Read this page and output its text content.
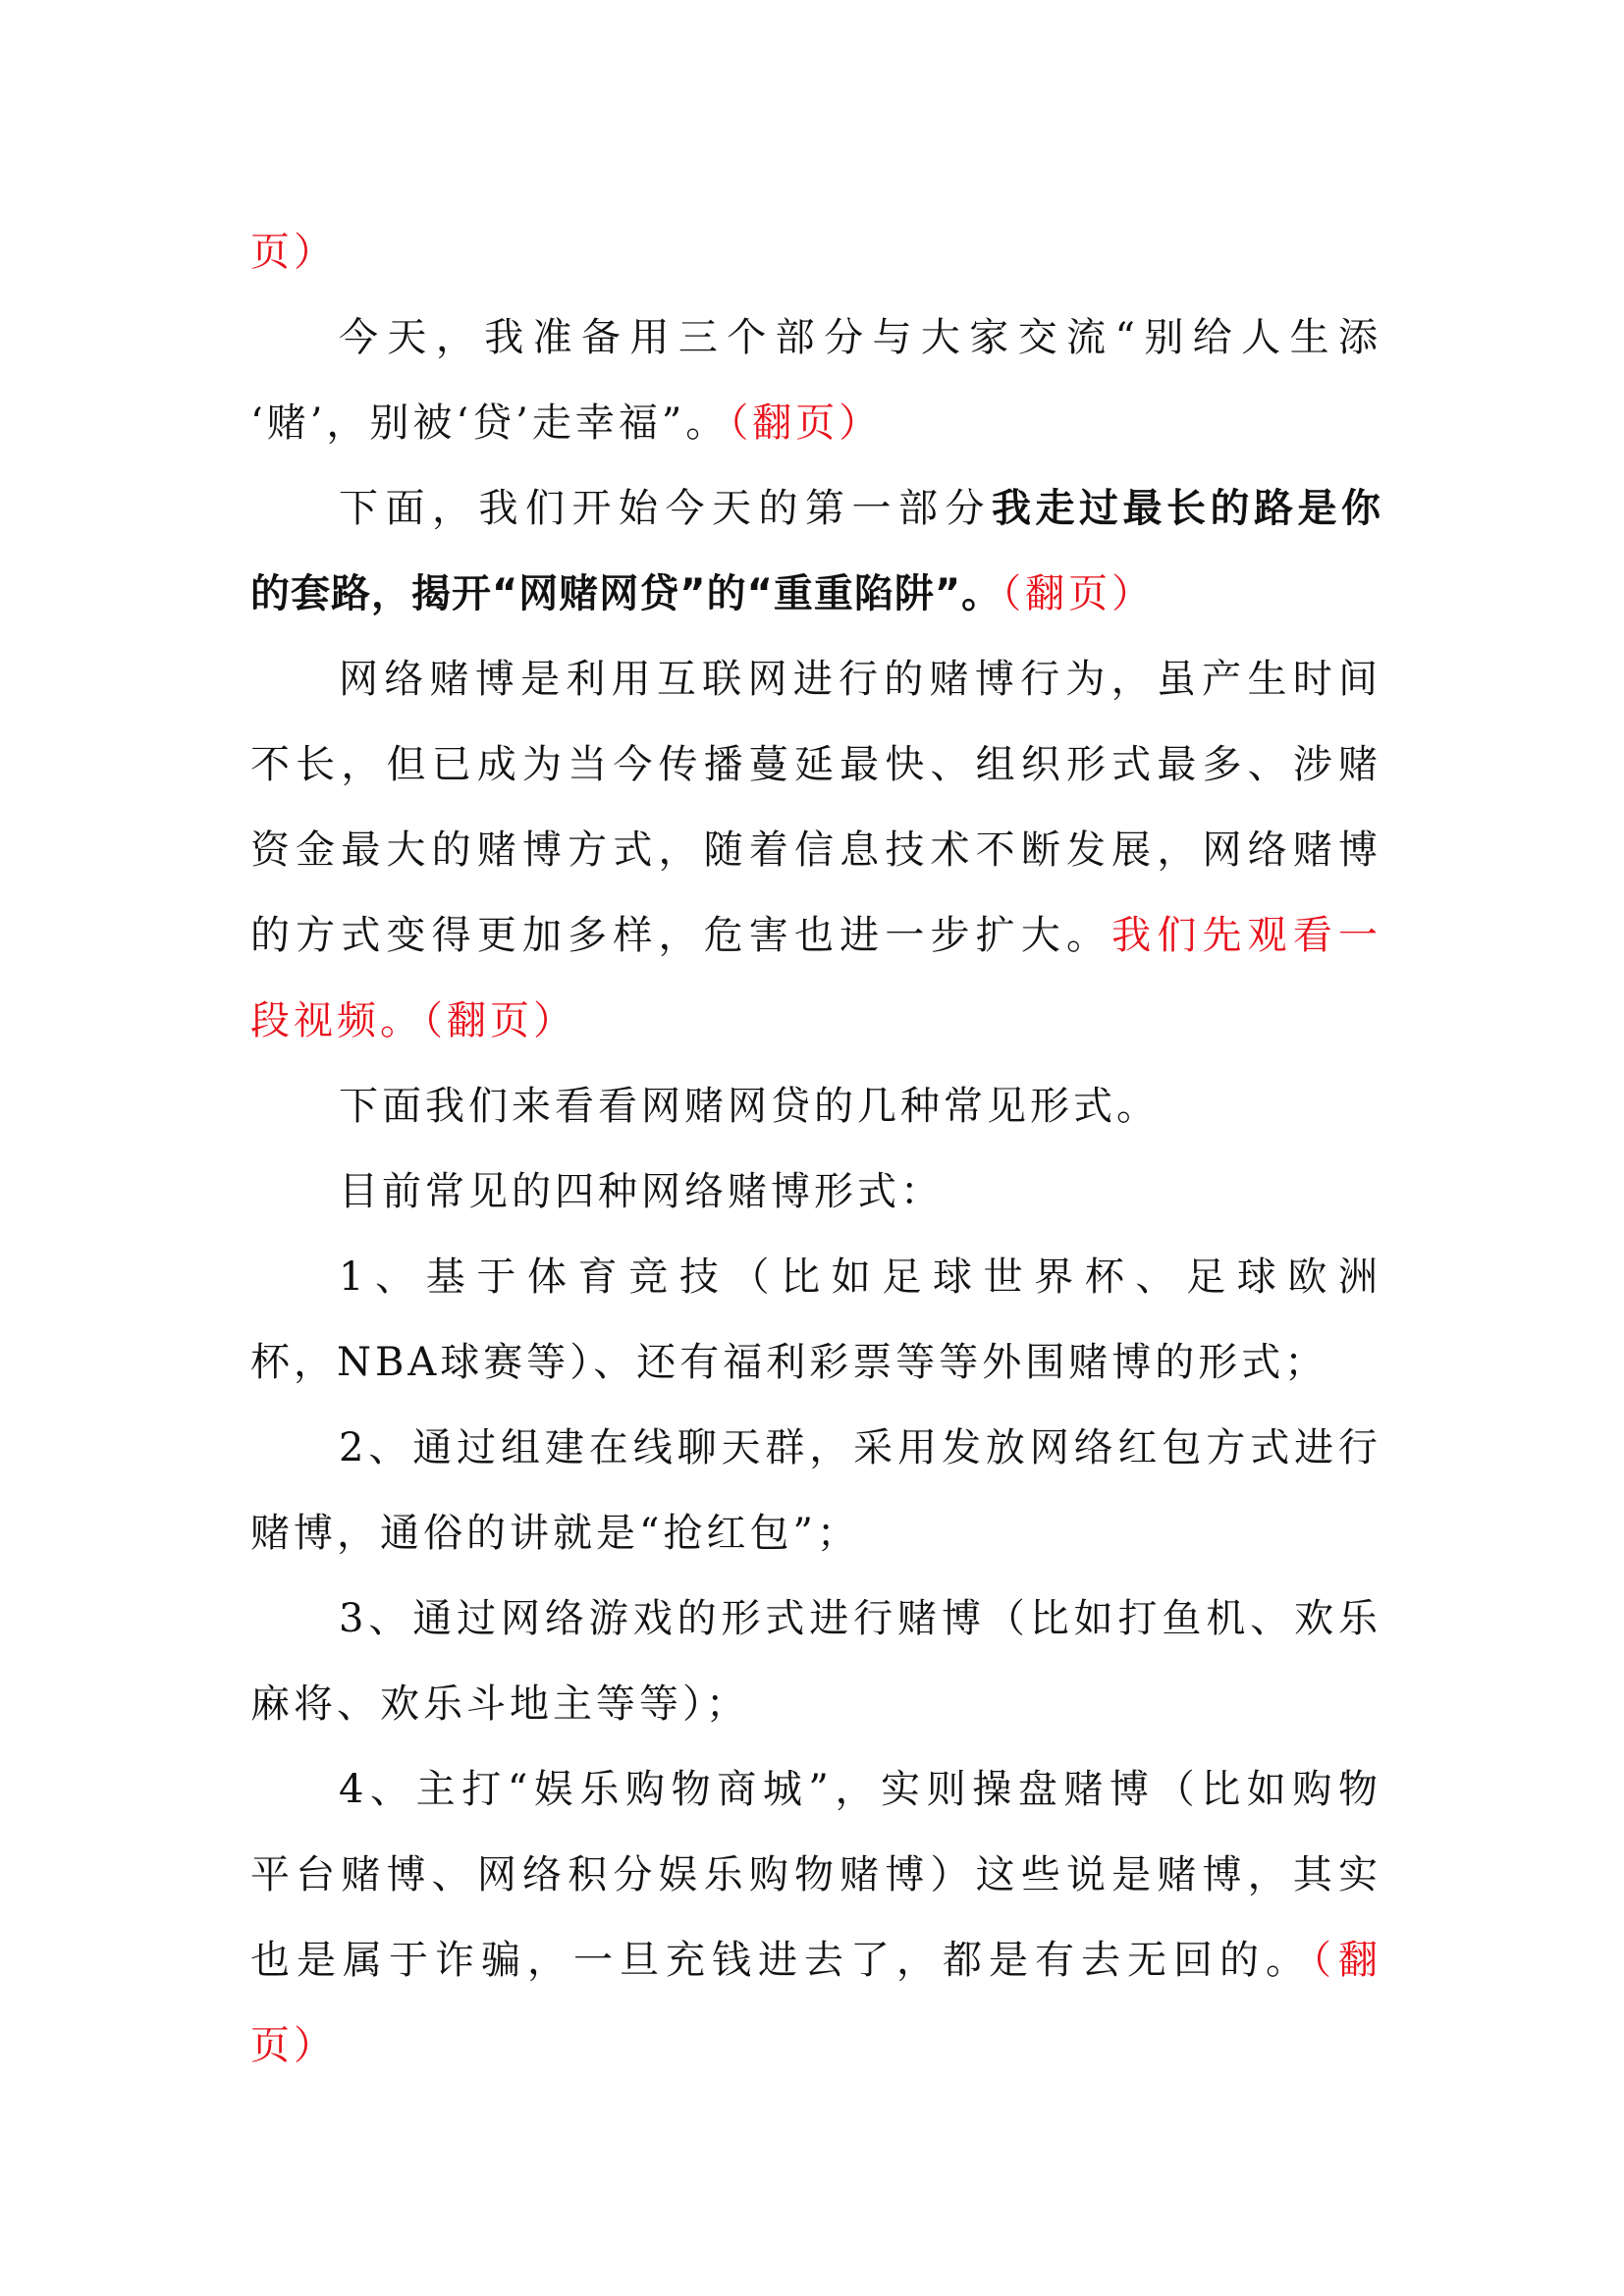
页）
今天，我准备用三个部分与大家交流“别给人生添
‘赌’，别被‘贷’走幸福”。（翻页）
下面，我们开始今天的第一部分我走过最长的路是你
的套路，揭开“网赌网贷”的“重重陷阱”。（翻页）
网络赌博是利用互联网进行的赌博行为，虽产生时间
不长，但已成为当今传播蔓延最快、组织形式最多、涉赌
资金最大的赌博方式，随着信息技术不断发展，网络赌博
的方式变得更加多样，危害也进一步扩大。我们先观看一
段视频。（翻页）
下面我们来看看网赌网贷的几种常见形式。
目前常见的四种网络赌博形式：
1、基于体育竞技（比如足球世界杯、足球欧洲
杯，NBA球赛等）、还有福利彩票等等外围赌博的形式；
2、通过组建在线聊天群，采用发放网络红包方式进行
赌博，通俗的讲就是“抢红包”；
3、通过网络游戏的形式进行赌博（比如打鱼机、欢乐
麻将、欢乐斗地主等等）；
4、主打“娱乐购物商城”，实则操盘赌博（比如购物
平台赌博、网络积分娱乐购物赌博）这些说是赌博，其实
也是属于诈骗，一旦充钱进去了，都是有去无回的。（翻
页）
